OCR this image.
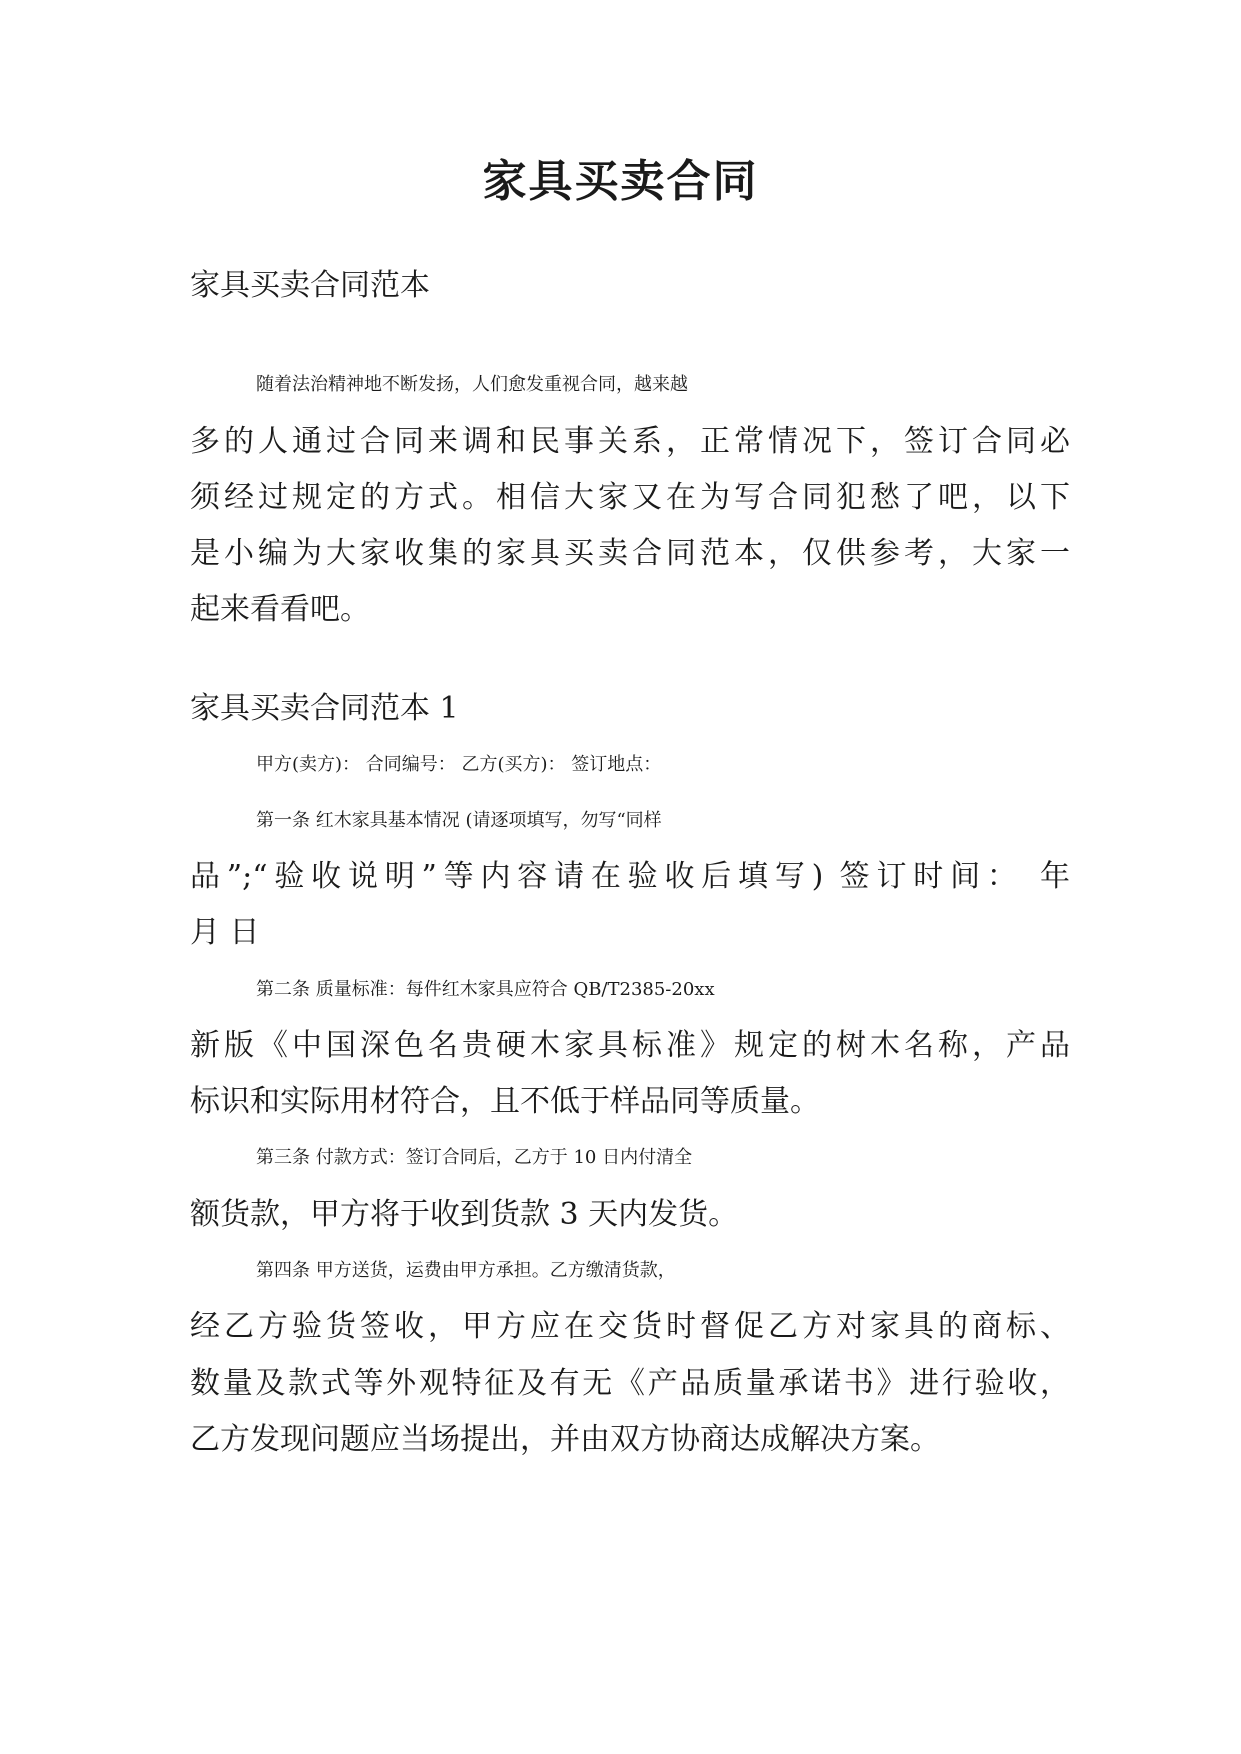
家具买卖合同

家具买卖合同范本

随着法治精神地不断发扬，人们愈发重视合同，越来越

多的人通过合同来调和民事关系，正常情况下，签订合同必

须经过规定的方式。相信大家又在为写合同犯愁了吧，以下

是小编为大家收集的家具买卖合同范本，仅供参考，大家一

起来看看吧。

家具买卖合同范本 1

甲方(卖方)： 合同编号： 乙方(买方)： 签订地点：

第一条 红木家具基本情况 (请逐项填写，勿写“同样

品”;“验收说明”等内容请在验收后填写) 签订时间： 年

月 日

第二条 质量标准：每件红木家具应符合 QB/T2385-20xx

新版《中国深色名贵硬木家具标准》规定的树木名称，产品

标识和实际用材符合，且不低于样品同等质量。

第三条 付款方式：签订合同后，乙方于 10 日内付清全

额货款，甲方将于收到货款 3 天内发货。

第四条 甲方送货，运费由甲方承担。乙方缴清货款，

经乙方验货签收，甲方应在交货时督促乙方对家具的商标、

数量及款式等外观特征及有无《产品质量承诺书》进行验收，

乙方发现问题应当场提出，并由双方协商达成解决方案。
